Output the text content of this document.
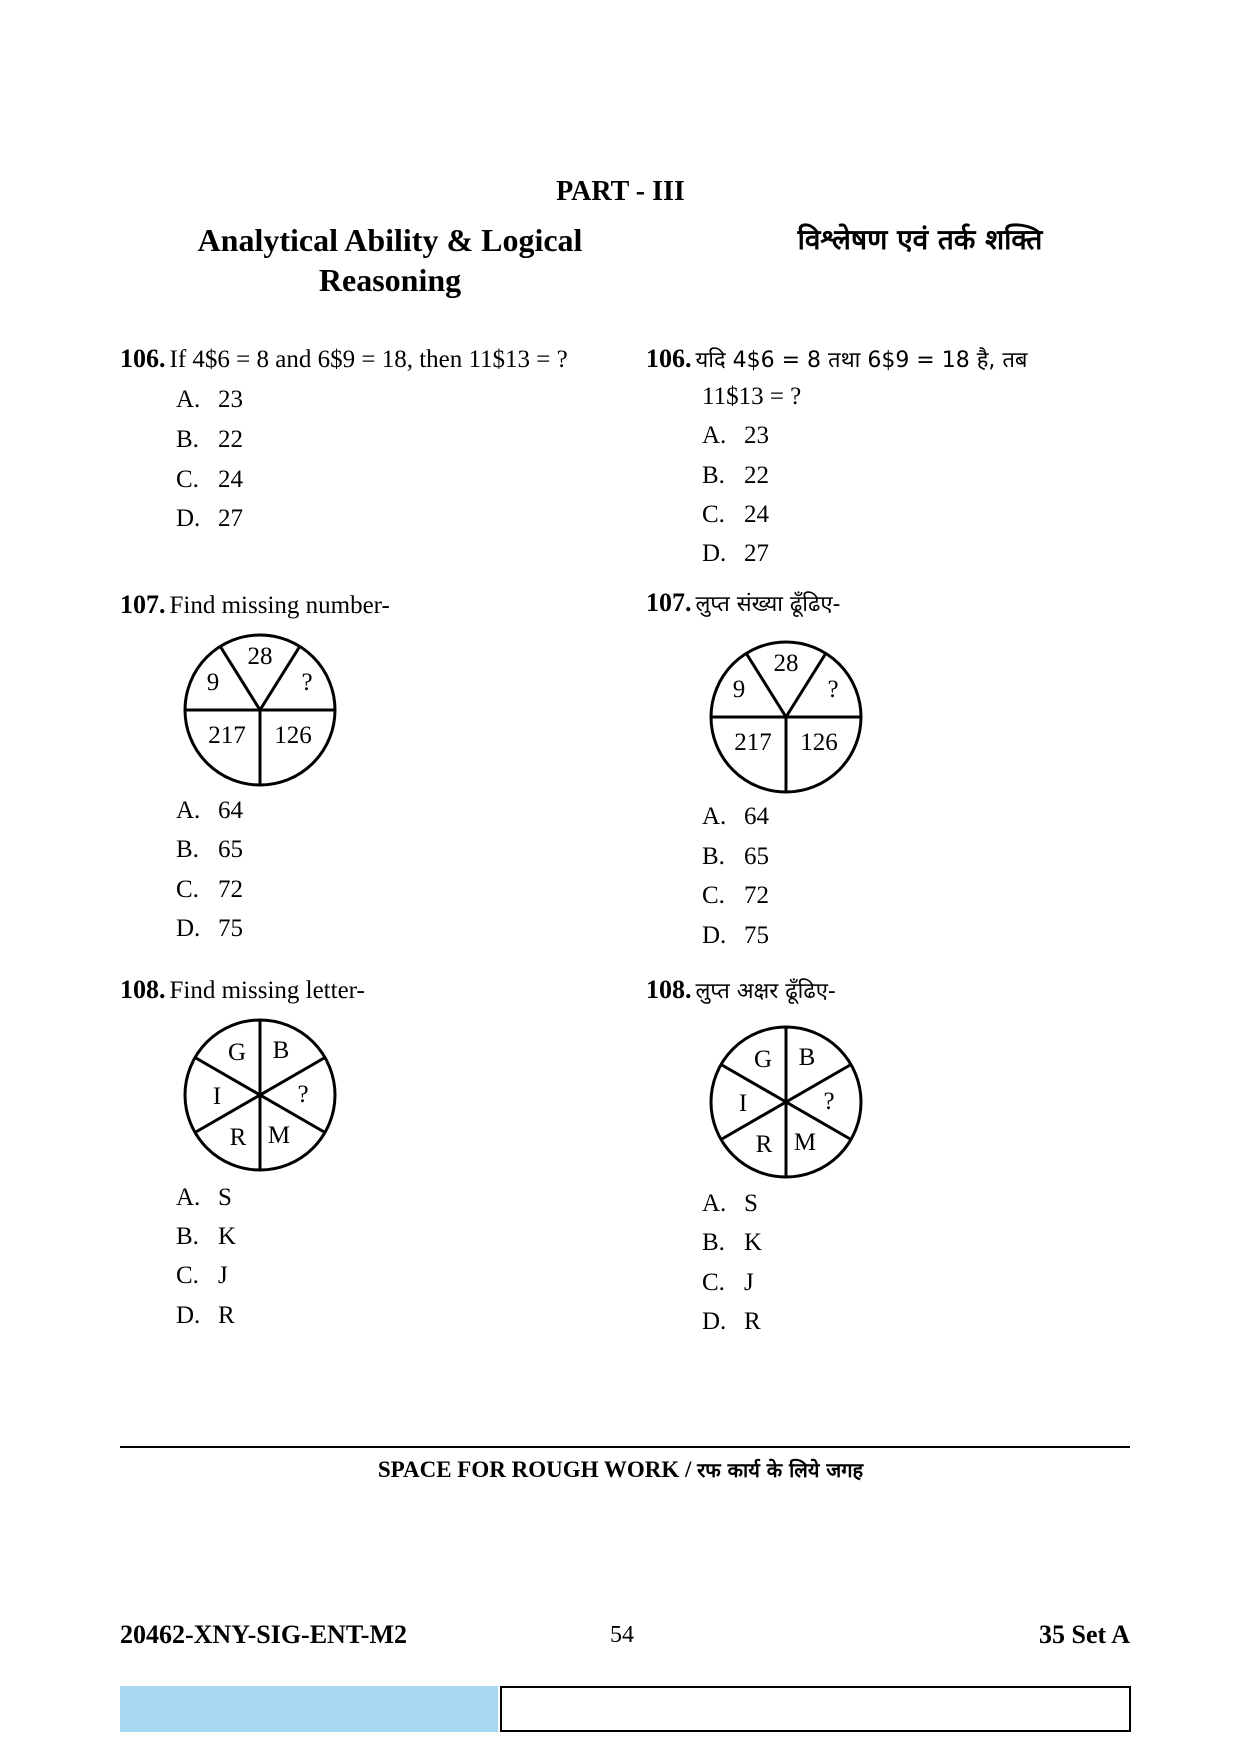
PART - III
Analytical Ability & Logical
Reasoning
विश्लेषण एवं तर्क शक्ति
106. If 4$6 = 8 and 6$9 = 18, then 11$13 = ?
A. 23
B. 22
C. 24
D. 27
106. यदि 4$6 = 8 तथा 6$9 = 18 है, तब
11$13 = ?
A. 23
B. 22
C. 24
D. 27
107. Find missing number-
28
9	?
217 126
A. 64
B. 65
C. 72
D. 75
107. लुप्त संख्या ढूँढिए-
28
9	?
217 126
A. 64
B. 65
C. 72
D. 75
108. Find missing letter-
G B
I	?
R M
A. S
B. K
C. J
D. R
108. लुप्त अक्षर ढूँढिए-
G B
I	?
R M
A. S
B. K
C. J
D. R
SPACE FOR ROUGH WORK / रफ कार्य के लिये जगह
20462-XNY-SIG-ENT-M2	54	35 Set A
